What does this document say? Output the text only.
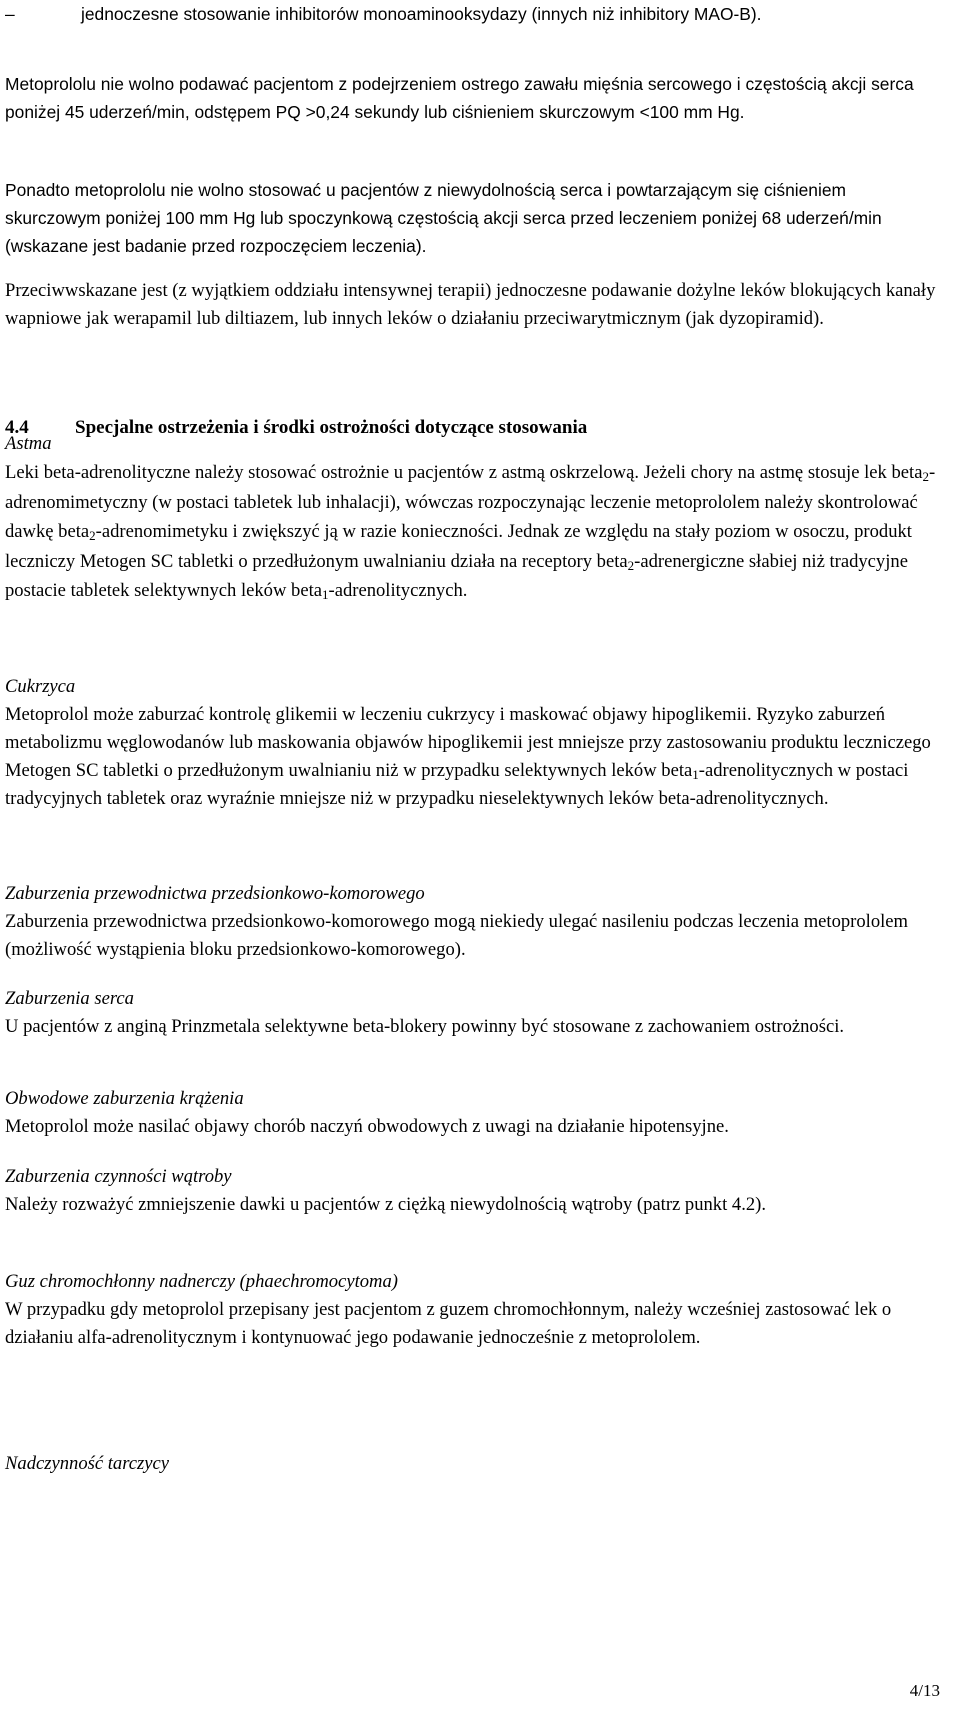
–	jednoczesne stosowanie inhibitorów monoaminooksydazy (innych niż inhibitory MAO-B).

Metoprololu nie wolno podawać pacjentom z podejrzeniem ostrego zawału mięśnia sercowego i częstością akcji serca poniżej 45 uderzeń/min, odstępem PQ >0,24 sekundy lub ciśnieniem skurczowym <100 mm Hg.

Ponadto metoprololu nie wolno stosować u pacjentów z niewydolnością serca i powtarzającym się ciśnieniem skurczowym poniżej 100 mm Hg lub spoczynkową częstością akcji serca przed leczeniem poniżej 68 uderzeń/min (wskazane jest badanie przed rozpoczęciem leczenia).

Przeciwwskazane jest (z wyjątkiem oddziału intensywnej terapii) jednoczesne podawanie dożylne leków blokujących kanały wapniowe jak werapamil lub diltiazem, lub innych leków o działaniu przeciwarytmicznym (jak dyzopiramid).

4.4 Specjalne ostrzeżenia i środki ostrożności dotyczące stosowania
Astma
Leki beta-adrenolityczne należy stosować ostrożnie u pacjentów z astmą oskrzelową. Jeżeli chory na astmę stosuje lek beta$_2$-adrenomimetyczny (w postaci tabletek lub inhalacji), wówczas rozpoczynając leczenie metoprololem należy skontrolować dawkę beta$_2$-adrenomimetyku i zwiększyć ją w razie konieczności. Jednak ze względu na stały poziom w osoczu, produkt leczniczy Metogen SC tabletki o przedłużonym uwalnianiu działa na receptory beta$_2$-adrenergiczne słabiej niż tradycyjne postacie tabletek selektywnych leków beta$_1$-adrenolitycznych.
Cukrzyca
Metoprolol może zaburzać kontrolę glikemii w leczeniu cukrzycy i maskować objawy hipoglikemii. Ryzyko zaburzeń metabolizmu węglowodanów lub maskowania objawów hipoglikemii jest mniejsze przy zastosowaniu produktu leczniczego Metogen SC tabletki o przedłużonym uwalnianiu niż w przypadku selektywnych leków beta$_1$-adrenolitycznych w postaci tradycyjnych tabletek oraz wyraźnie mniejsze niż w przypadku nieselektywnych leków beta-adrenolitycznych.
Zaburzenia przewodnictwa przedsionkowo-komorowego
Zaburzenia przewodnictwa przedsionkowo-komorowego mogą niekiedy ulegać nasileniu podczas leczenia metoprololem (możliwość wystąpienia bloku przedsionkowo-komorowego).
Zaburzenia serca
U pacjentów z anginą Prinzmetala selektywne beta-blokery powinny być stosowane z zachowaniem ostrożności.
Obwodowe zaburzenia krążenia
Metoprolol może nasilać objawy chorób naczyń obwodowych z uwagi na działanie hipotensyjne.
Zaburzenia czynności wątroby
Należy rozważyć zmniejszenie dawki u pacjentów z ciężką niewydolnością wątroby (patrz punkt 4.2).
Guz chromochłonny nadnerczy (phaechromocytoma)
W przypadku gdy metoprolol przepisany jest pacjentom z guzem chromochłonnym, należy wcześniej zastosować lek o działaniu alfa-adrenolitycznym i kontynuować jego podawanie jednocześnie z metoprololem.
Nadczynność tarczycy
4/13
